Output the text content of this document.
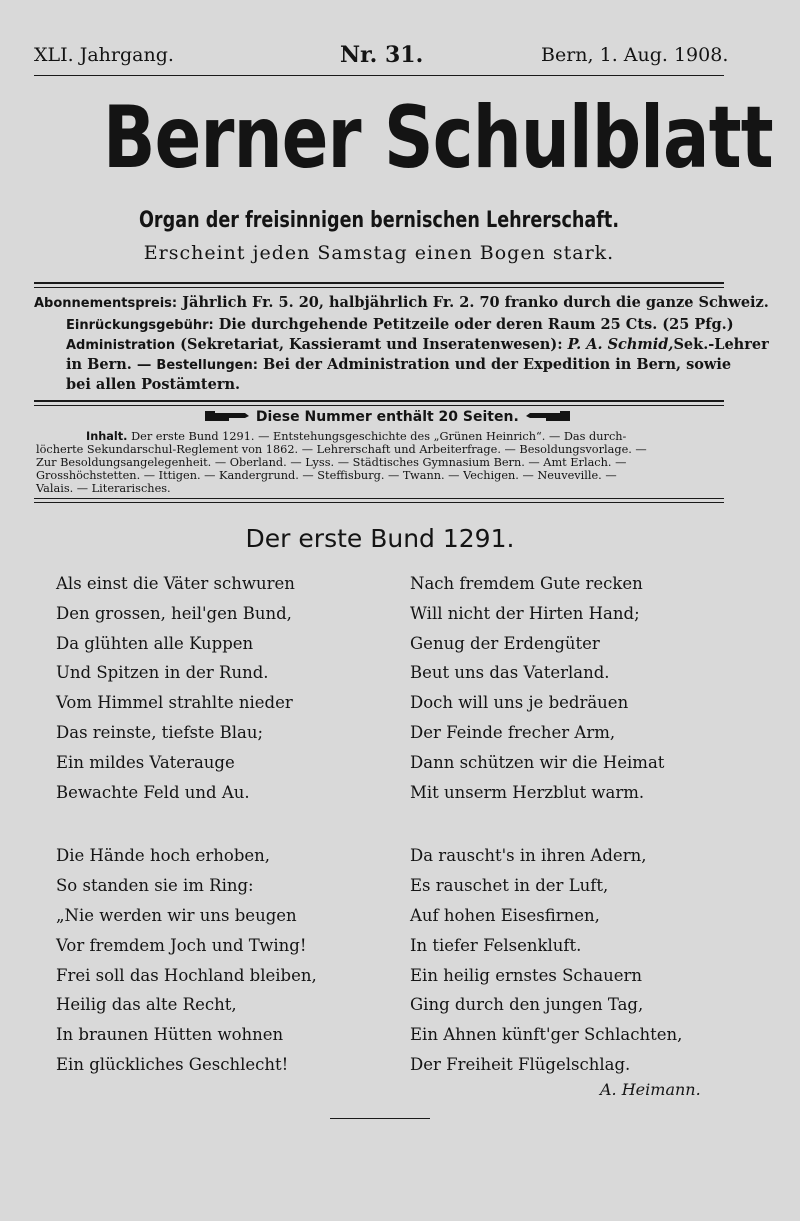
XLI. Jahrgang.	Nr. 31.	Bern, 1. Aug. 1908.
Berner Schulblatt
Organ der freisinnigen bernischen Lehrerschaft.
Erscheint jeden Samstag einen Bogen stark.
Abonnementspreis: Jährlich Fr. 5. 20, halbjährlich Fr. 2. 70 franko durch die ganze Schweiz.
Einrückungsgebühr: Die durchgehende Petitzeile oder deren Raum 25 Cts. (25 Pfg.)
Administration (Sekretariat, Kassieramt und Inseratenwesen): P. A. Schmid,Sek.-Lehrer
in Bern. — Bestellungen: Bei der Administration und der Expedition in Bern, sowie
bei allen Postämtern.
Diese Nummer enthält 20 Seiten.
Inhalt. Der erste Bund 1291. — Entstehungsgeschichte des „Grünen Heinrich“. — Das durch-
löcherte Sekundarschul-Reglement von 1862. — Lehrerschaft und Arbeiterfrage. — Besoldungsvorlage. —
Zur Besoldungsangelegenheit. — Oberland. — Lyss. — Städtisches Gymnasium Bern. — Amt Erlach. —
Grosshöchstetten. — Ittigen. — Kandergrund. — Steffisburg. — Twann. — Vechigen. — Neuveville. —
Valais. — Literarisches.
Der erste Bund 1291.
Als einst die Väter schwuren
Den grossen, heil'gen Bund,
Da glühten alle Kuppen
Und Spitzen in der Rund.
Vom Himmel strahlte nieder
Das reinste, tiefste Blau;
Ein mildes Vaterauge
Bewachte Feld und Au.
Die Hände hoch erhoben,
So standen sie im Ring:
„Nie werden wir uns beugen
Vor fremdem Joch und Twing!
Frei soll das Hochland bleiben,
Heilig das alte Recht,
In braunen Hütten wohnen
Ein glückliches Geschlecht!
Nach fremdem Gute recken
Will nicht der Hirten Hand;
Genug der Erdengüter
Beut uns das Vaterland.
Doch will uns je bedräuen
Der Feinde frecher Arm,
Dann schützen wir die Heimat
Mit unserm Herzblut warm.
Da rauscht's in ihren Adern,
Es rauschet in der Luft,
Auf hohen Eisesfirnen,
In tiefer Felsenkluft.
Ein heilig ernstes Schauern
Ging durch den jungen Tag,
Ein Ahnen künft'ger Schlachten,
Der Freiheit Flügelschlag.
A. Heimann.
